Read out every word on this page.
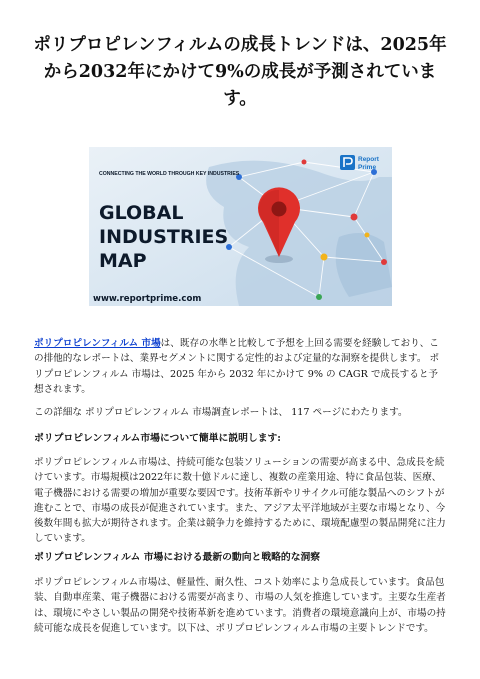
ポリプロピレンフィルムの成長トレンドは、2025年から2032年にかけて9%の成長が予測されています。
Report
Prime
CONNECTING THE WORLD THROUGH KEY INDUSTRIES
GLOBAL
INDUSTRIES
MAP
www.reportprime.com

ポリプロピレンフィルム 市場は、既存の水準と比較して予想を上回る需要を経験しており、この排他的なレポートは、業界セグメントに関する定性的および定量的な洞察を提供します。 ポリプロピレンフィルム 市場は、2025 年から 2032 年にかけて 9% の CAGR で成長すると予想されます。

この詳細な ポリプロピレンフィルム 市場調査レポートは、 117 ページにわたります。

ポリプロピレンフィルム市場について簡単に説明します:

ポリプロピレンフィルム市場は、持続可能な包装ソリューションの需要が高まる中、急成長を続けています。市場規模は2022年に数十億ドルに達し、複数の産業用途、特に食品包装、医療、電子機器における需要の増加が重要な要因です。技術革新やリサイクル可能な製品へのシフトが進むことで、市場の成長が促進されています。また、アジア太平洋地域が主要な市場となり、今後数年間も拡大が期待されます。企業は競争力を維持するために、環境配慮型の製品開発に注力しています。

ポリプロピレンフィルム 市場における最新の動向と戦略的な洞察

ポリプロピレンフィルム市場は、軽量性、耐久性、コスト効率により急成長しています。食品包装、自動車産業、電子機器における需要が高まり、市場の人気を推進しています。主要な生産者は、環境にやさしい製品の開発や技術革新を進めています。消費者の環境意識向上が、市場の持続可能な成長を促進しています。以下は、ポリプロピレンフィルム市場の主要トレンドです。
